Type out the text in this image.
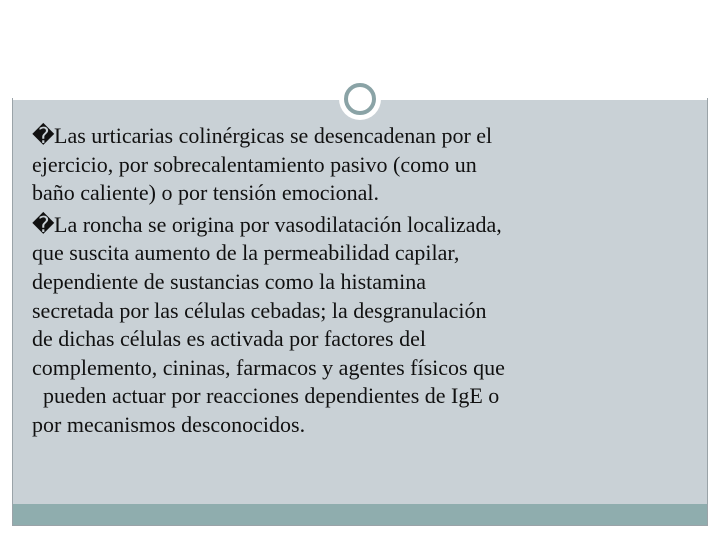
�Las urticarias colinérgicas se desencadenan por el
ejercicio, por sobrecalentamiento pasivo (como un
baño caliente) o por tensión emocional.
�La roncha se origina por vasodilatación localizada,
que suscita aumento de la permeabilidad capilar,
dependiente de sustancias como la histamina
secretada por las células cebadas; la desgranulación
de dichas células es activada por factores del
complemento, cininas, farmacos y agentes físicos que
pueden actuar por reacciones dependientes de IgE o
por mecanismos desconocidos.
